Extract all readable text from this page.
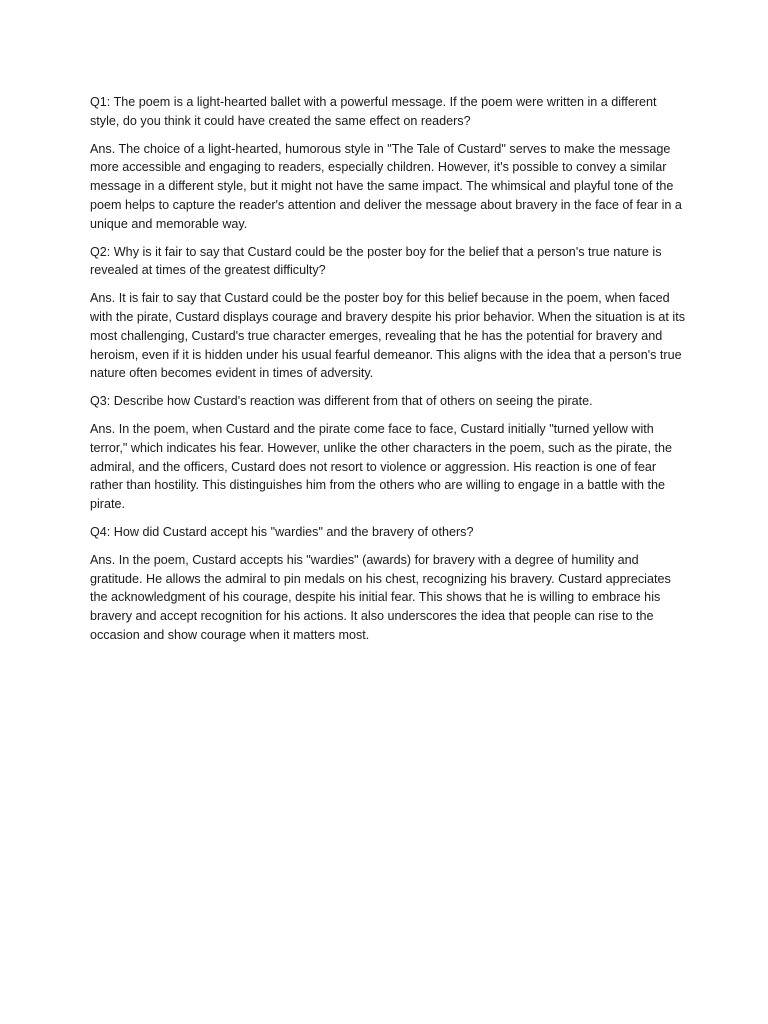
Q1: The poem is a light-hearted ballet with a powerful message. If the poem were written in a different style, do you think it could have created the same effect on readers?

Ans. The choice of a light-hearted, humorous style in "The Tale of Custard" serves to make the message more accessible and engaging to readers, especially children. However, it's possible to convey a similar message in a different style, but it might not have the same impact. The whimsical and playful tone of the poem helps to capture the reader's attention and deliver the message about bravery in the face of fear in a unique and memorable way.

Q2: Why is it fair to say that Custard could be the poster boy for the belief that a person's true nature is revealed at times of the greatest difficulty?

Ans. It is fair to say that Custard could be the poster boy for this belief because in the poem, when faced with the pirate, Custard displays courage and bravery despite his prior behavior. When the situation is at its most challenging, Custard's true character emerges, revealing that he has the potential for bravery and heroism, even if it is hidden under his usual fearful demeanor. This aligns with the idea that a person's true nature often becomes evident in times of adversity.

Q3: Describe how Custard's reaction was different from that of others on seeing the pirate.

Ans. In the poem, when Custard and the pirate come face to face, Custard initially "turned yellow with terror," which indicates his fear. However, unlike the other characters in the poem, such as the pirate, the admiral, and the officers, Custard does not resort to violence or aggression. His reaction is one of fear rather than hostility. This distinguishes him from the others who are willing to engage in a battle with the pirate.

Q4: How did Custard accept his "wardies" and the bravery of others?

Ans. In the poem, Custard accepts his "wardies" (awards) for bravery with a degree of humility and gratitude. He allows the admiral to pin medals on his chest, recognizing his bravery. Custard appreciates the acknowledgment of his courage, despite his initial fear. This shows that he is willing to embrace his bravery and accept recognition for his actions. It also underscores the idea that people can rise to the occasion and show courage when it matters most.
